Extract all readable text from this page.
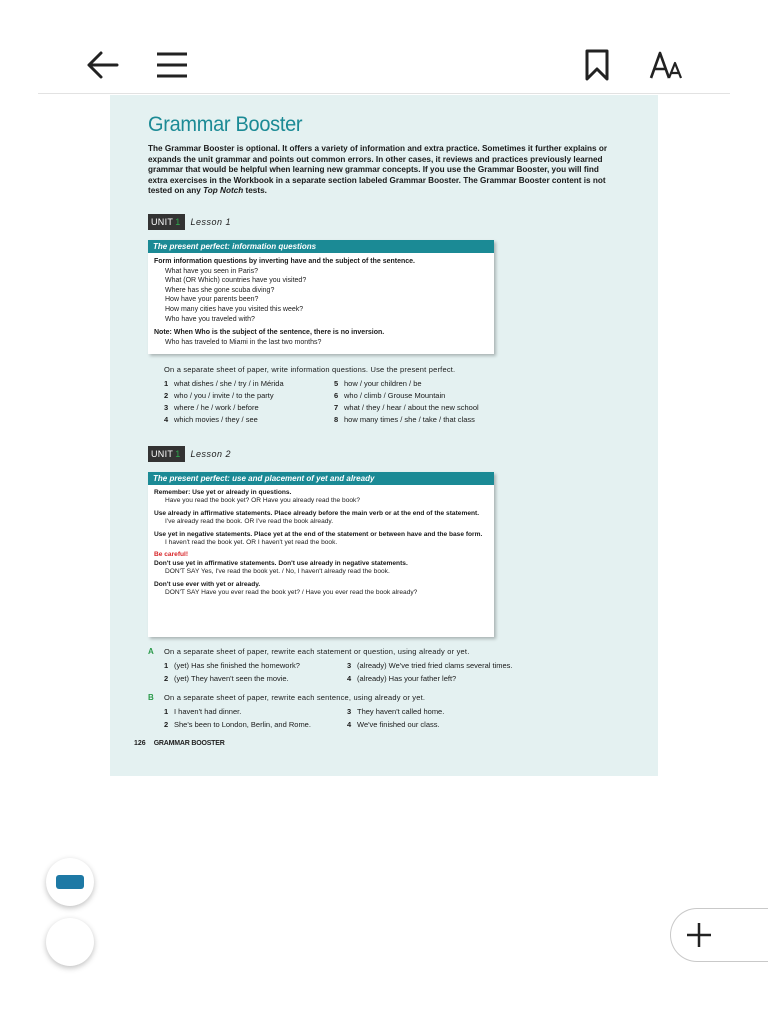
Grammar Booster
The Grammar Booster is optional. It offers a variety of information and extra practice. Sometimes it further explains or expands the unit grammar and points out common errors. In other cases, it reviews and practices previously learned grammar that would be helpful when learning new grammar concepts. If you use the Grammar Booster, you will find extra exercises in the Workbook in a separate section labeled Grammar Booster. The Grammar Booster content is not tested on any Top Notch tests.
UNIT 1 Lesson 1
The present perfect: information questions
Form information questions by inverting have and the subject of the sentence.
What have you seen in Paris?
What (OR Which) countries have you visited?
Where has she gone scuba diving?
How have your parents been?
How many cities have you visited this week?
Who have you traveled with?
Note: When Who is the subject of the sentence, there is no inversion.
Who has traveled to Miami in the last two months?
On a separate sheet of paper, write information questions. Use the present perfect.
1 what dishes / she / try / in Mérida
2 who / you / invite / to the party
3 where / he / work / before
4 which movies / they / see
5 how / your children / be
6 who / climb / Grouse Mountain
7 what / they / hear / about the new school
8 how many times / she / take / that class
UNIT 1 Lesson 2
The present perfect: use and placement of yet and already
Remember: Use yet or already in questions.
Have you read the book yet? OR Have you already read the book?
Use already in affirmative statements. Place already before the main verb or at the end of the statement.
I've already read the book. OR I've read the book already.
Use yet in negative statements. Place yet at the end of the statement or between have and the base form.
I haven't read the book yet. OR I haven't yet read the book.
Be careful!
Don't use yet in affirmative statements. Don't use already in negative statements.
DON'T SAY Yes, I've read the book yet. / No, I haven't already read the book.
Don't use ever with yet or already.
DON'T SAY Have you ever read the book yet? / Have you ever read the book already?
A On a separate sheet of paper, rewrite each statement or question, using already or yet.
1 (yet) Has she finished the homework?
2 (yet) They haven't seen the movie.
3 (already) We've tried fried clams several times.
4 (already) Has your father left?
B On a separate sheet of paper, rewrite each sentence, using already or yet.
1 I haven't had dinner.
2 She's been to London, Berlin, and Rome.
3 They haven't called home.
4 We've finished our class.
126 GRAMMAR BOOSTER
